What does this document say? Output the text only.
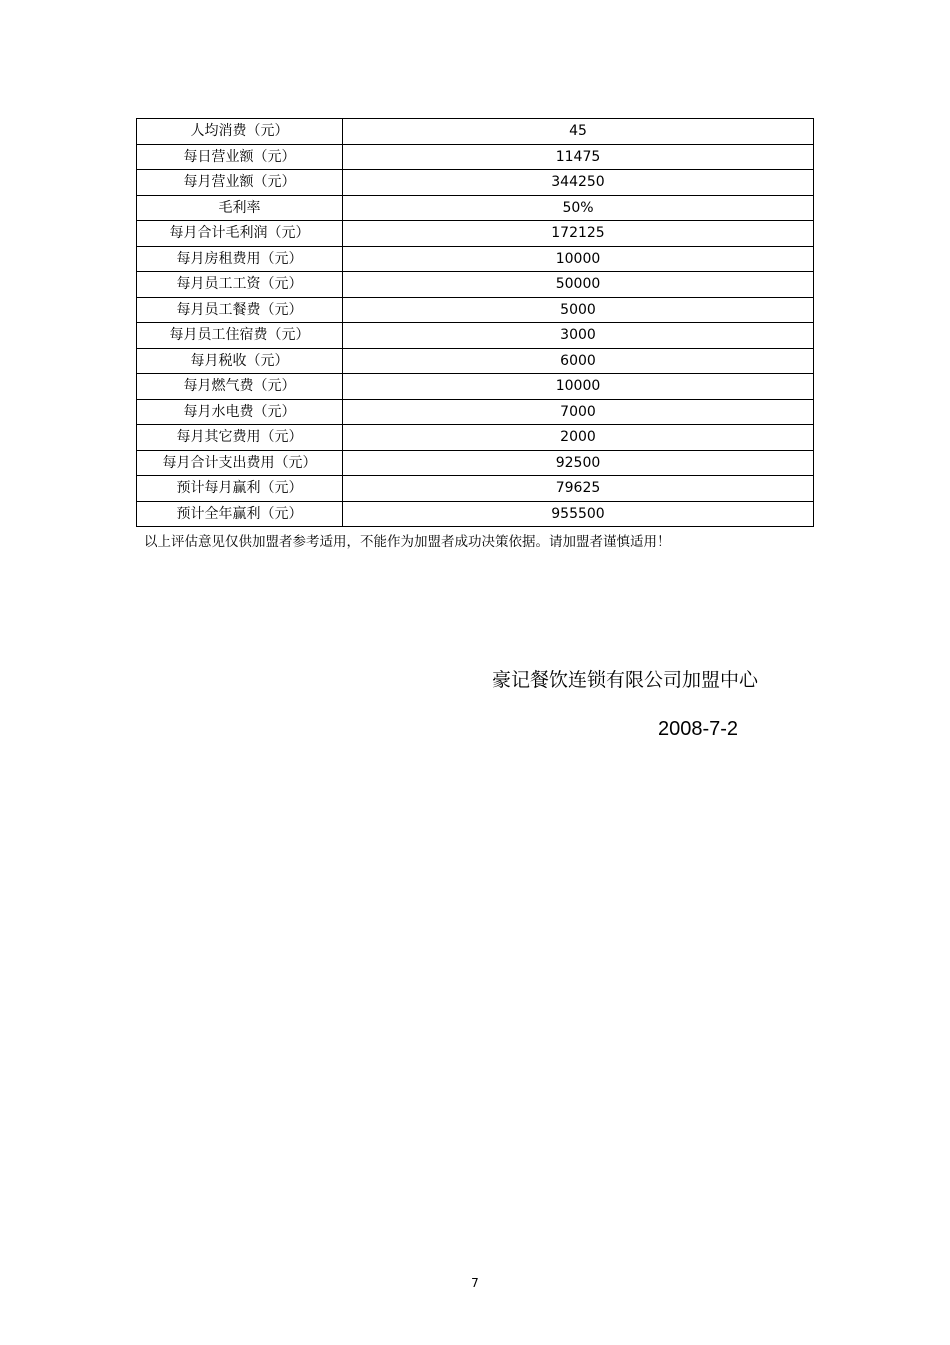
人均消费（元）	45
每日营业额（元）	11475
每月营业额（元）	344250
毛利率	50%
每月合计毛利润（元）	172125
每月房租费用（元）	10000
每月员工工资（元）	50000
每月员工餐费（元）	5000
每月员工住宿费（元）	3000
每月税收（元）	6000
每月燃气费（元）	10000
每月水电费（元）	7000
每月其它费用（元）	2000
每月合计支出费用（元）	92500
预计每月赢利（元）	79625
预计全年赢利（元）	955500
以上评估意见仅供加盟者参考适用，不能作为加盟者成功决策依据。请加盟者谨慎适用！
豪记餐饮连锁有限公司加盟中心
2008-7-2
7
